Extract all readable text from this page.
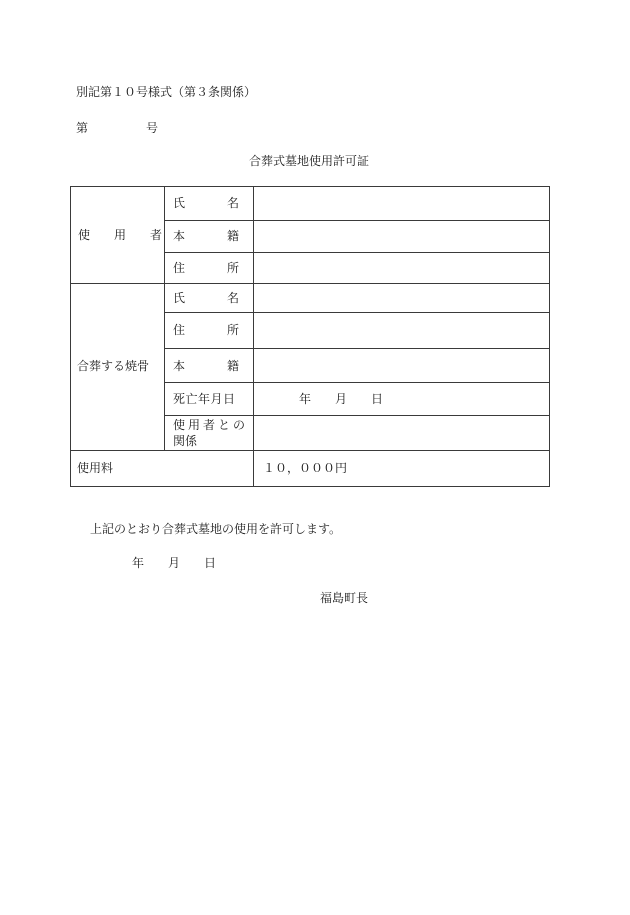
別記第１０号様式（第３条関係）
第	号
合葬式墓地使用許可証
使　　用　　者
氏	名
本	籍
住	所
合葬する焼骨
氏	名
住	所
本	籍
死亡年月日	年　　月　　日
使用者との
関係
使用料	１０，０００円
上記のとおり合葬式墓地の使用を許可します。
年　　月　　日
福島町長
